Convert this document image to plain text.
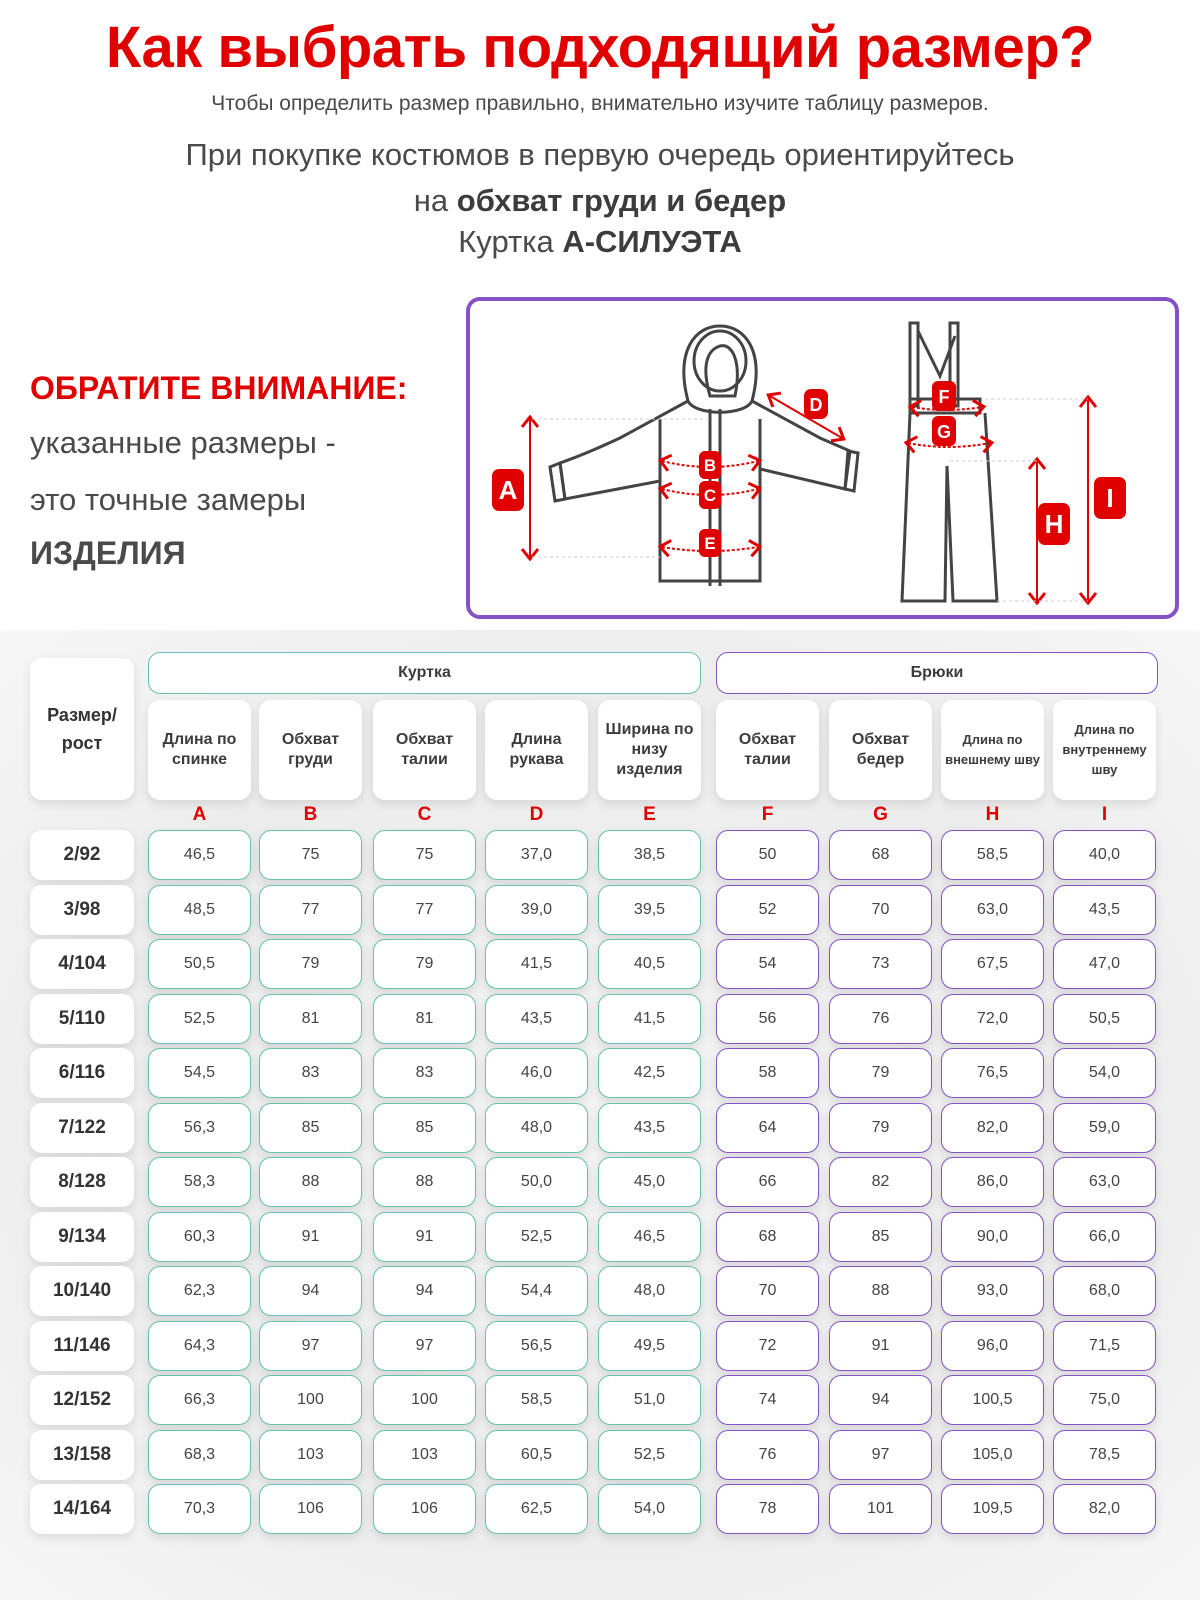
Как выбрать подходящий размер?
Чтобы определить размер правильно, внимательно изучите таблицу размеров.
При покупке костюмов в первую очередь ориентируйтесь
на обхват груди и бедер
Куртка А-СИЛУЭТА
ОБРАТИТЕ ВНИМАНИЕ:
указанные размеры -
это точные замеры
ИЗДЕЛИЯ
A
B
C
D
E
F
G
H
I
Размер/ рост
Куртка	Брюки
Длина по спинке
A
Обхват груди
B
Обхват талии
C
Длина рукава
D
Ширина по низу изделия
E
Обхват талии
F
Обхват бедер
G
Длина по внешнему шву
H
Длина по внутреннему шву
I
2/92	46,5	75	75	37,0	38,5	50	68	58,5	40,0
3/98	48,5	77	77	39,0	39,5	52	70	63,0	43,5
4/104	50,5	79	79	41,5	40,5	54	73	67,5	47,0
5/110	52,5	81	81	43,5	41,5	56	76	72,0	50,5
6/116	54,5	83	83	46,0	42,5	58	79	76,5	54,0
7/122	56,3	85	85	48,0	43,5	64	79	82,0	59,0
8/128	58,3	88	88	50,0	45,0	66	82	86,0	63,0
9/134	60,3	91	91	52,5	46,5	68	85	90,0	66,0
10/140	62,3	94	94	54,4	48,0	70	88	93,0	68,0
11/146	64,3	97	97	56,5	49,5	72	91	96,0	71,5
12/152	66,3	100	100	58,5	51,0	74	94	100,5	75,0
13/158	68,3	103	103	60,5	52,5	76	97	105,0	78,5
14/164	70,3	106	106	62,5	54,0	78	101	109,5	82,0
